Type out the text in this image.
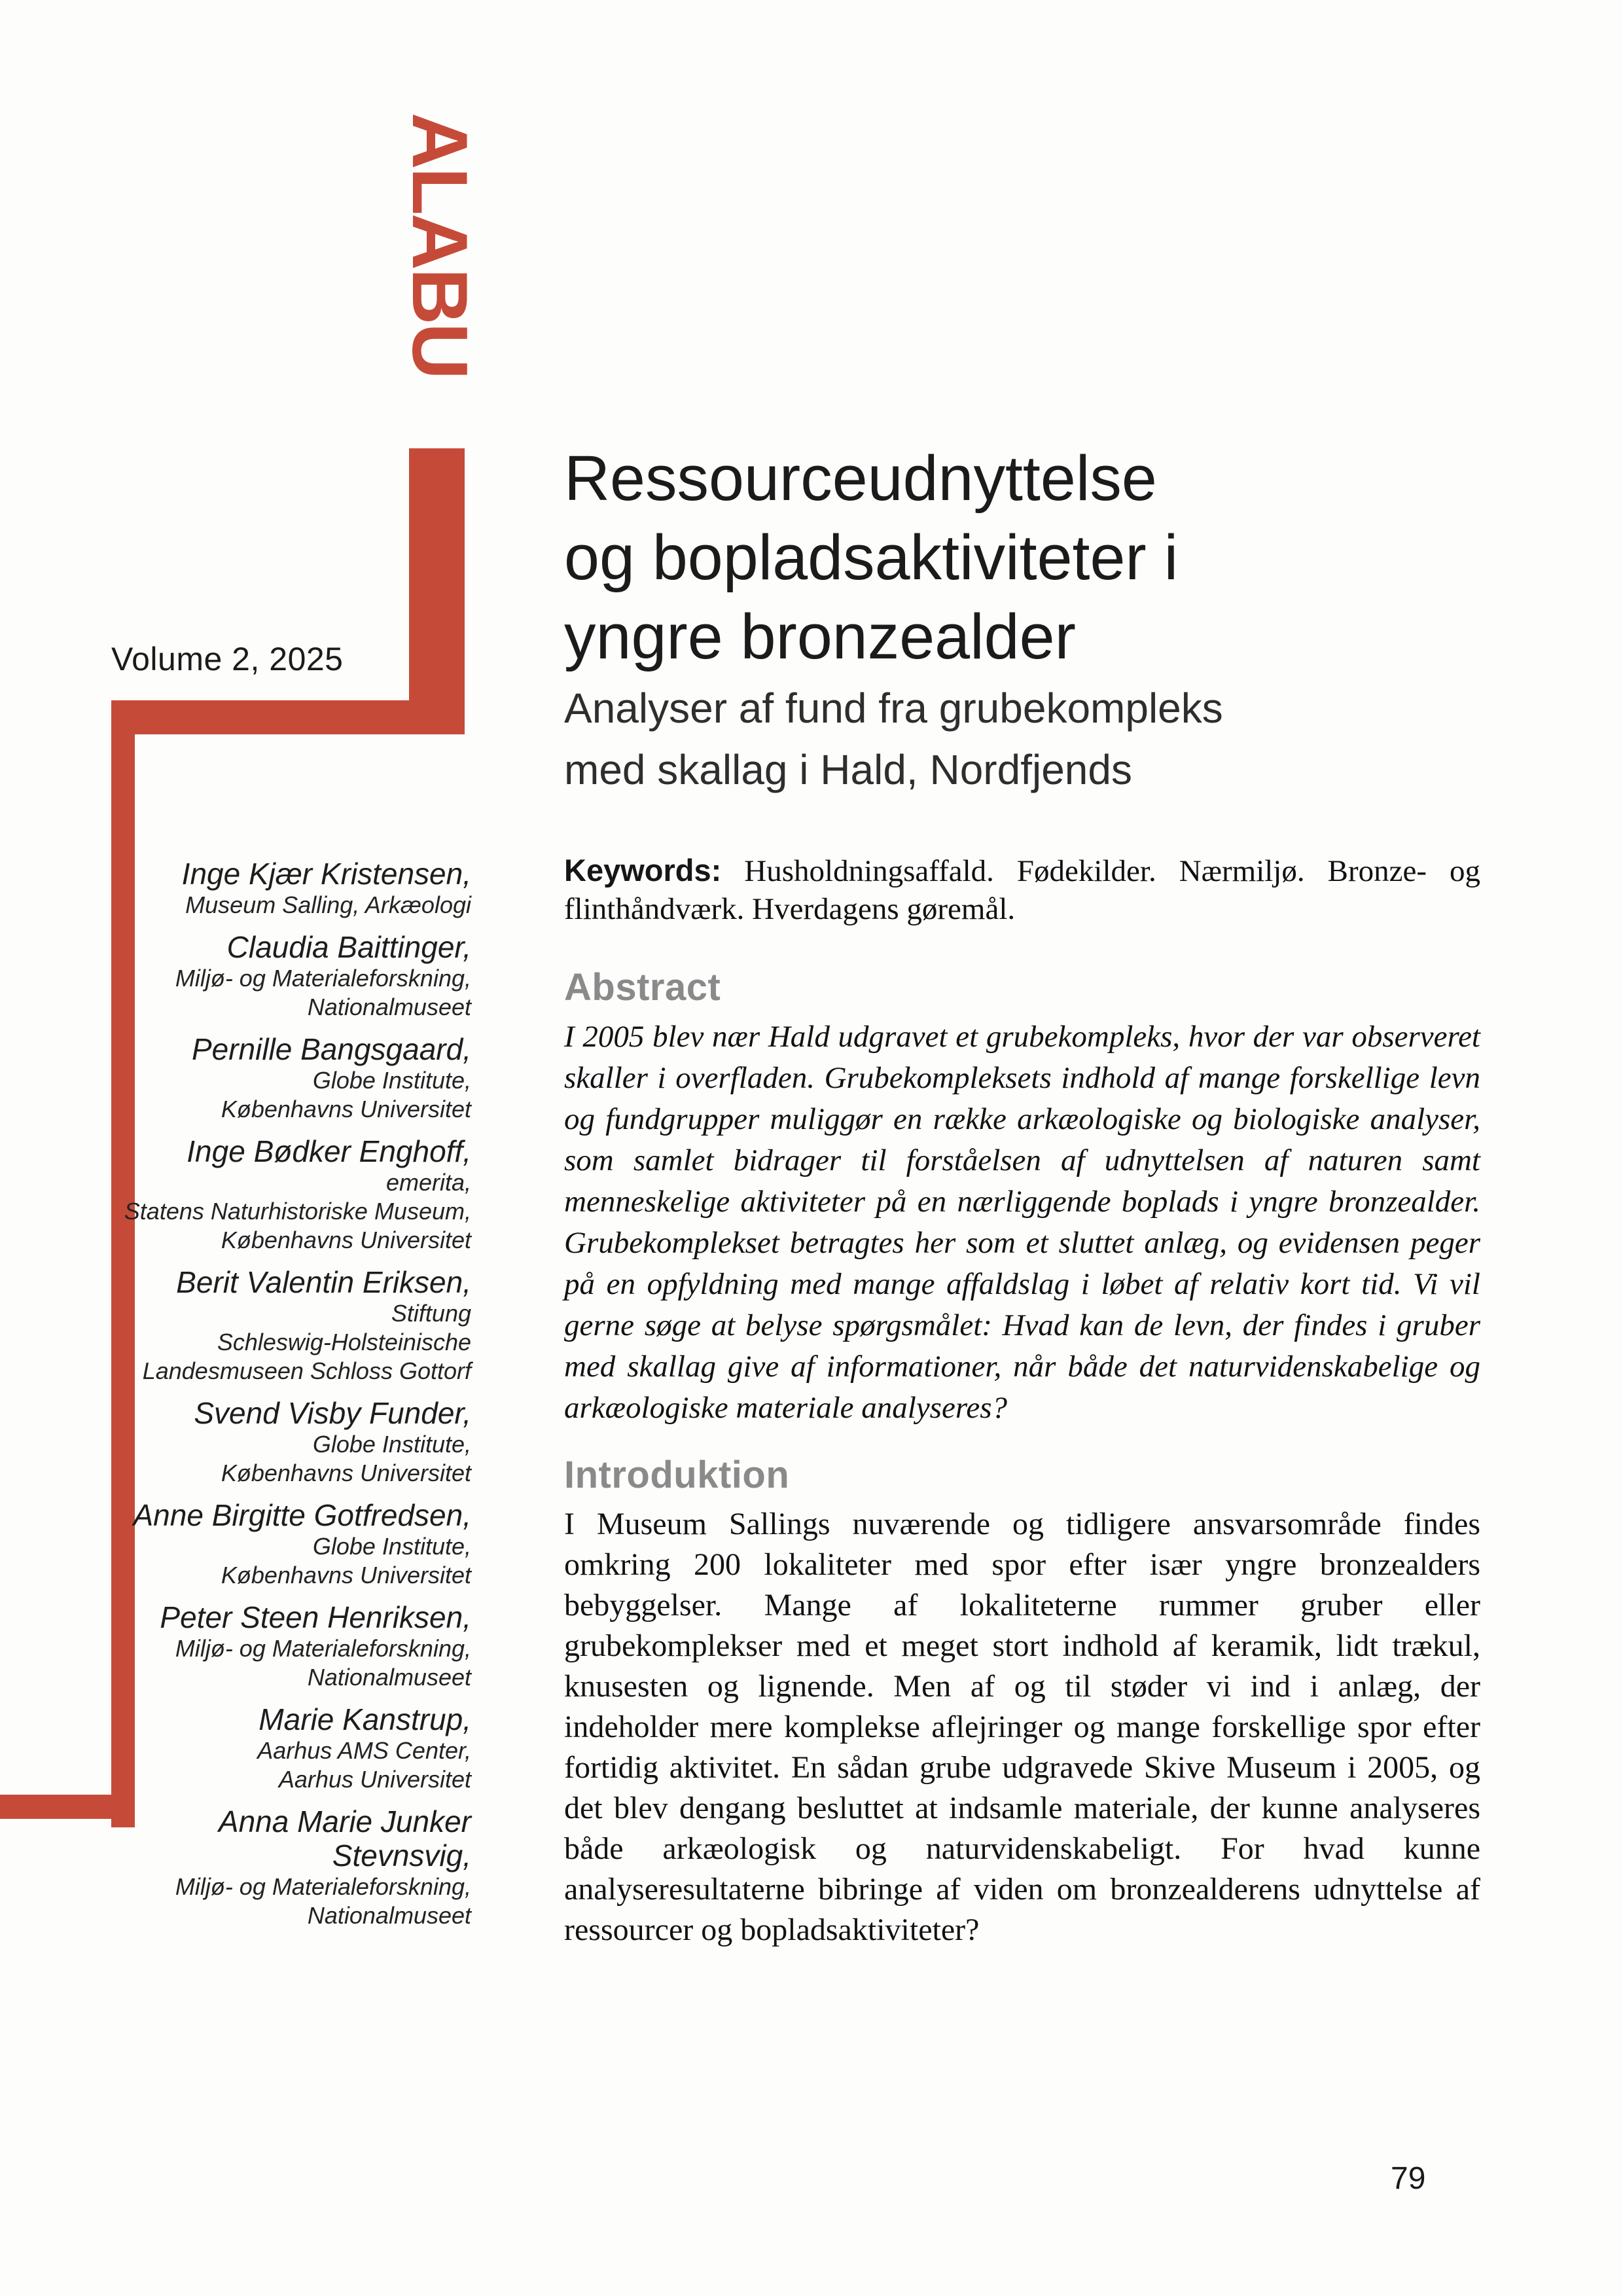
ALABU
Volume 2, 2025
Ressourceudnyttelse
og bopladsaktiviteter i
yngre bronzealder
Analyser af fund fra grubekompleks
med skallag i Hald, Nordfjends

Keywords: Husholdningsaffald. Fødekilder. Nærmiljø. Bronze- og flinthåndværk. Hverdagens gøremål.

Abstract

I 2005 blev nær Hald udgravet et grubekompleks, hvor der var observeret skaller i overfladen. Grubekompleksets indhold af mange forskellige levn og fundgrupper muliggør en række arkæologiske og biologiske analyser, som samlet bidrager til forståelsen af udnyttelsen af naturen samt menneskelige aktiviteter på en nærliggende boplads i yngre bronzealder. Grubekomplekset betragtes her som et sluttet anlæg, og evidensen peger på en opfyldning med mange affaldslag i løbet af relativ kort tid. Vi vil gerne søge at belyse spørgsmålet: Hvad kan de levn, der findes i gruber med skallag give af informationer, når både det naturvidenskabelige og arkæologiske materiale analyseres?

Introduktion

I Museum Sallings nuværende og tidligere ansvarsområde findes omkring 200 lokaliteter med spor efter især yngre bronzealders bebyggelser. Mange af lokaliteterne rummer gruber eller grubekomplekser med et meget stort indhold af keramik, lidt trækul, knusesten og lignende. Men af og til støder vi ind i anlæg, der indeholder mere komplekse aflejringer og mange forskellige spor efter fortidig aktivitet. En sådan grube udgravede Skive Museum i 2005, og det blev dengang besluttet at indsamle materiale, der kunne analyseres både arkæologisk og naturvidenskabeligt. For hvad kunne analyseresultaterne bibringe af viden om bronzealderens udnyttelse af ressourcer og bopladsaktiviteter?

Inge Kjær Kristensen,
Museum Salling, Arkæologi
Claudia Baittinger,
Miljø- og Materialeforskning,
Nationalmuseet
Pernille Bangsgaard,
Globe Institute,
Københavns Universitet
Inge Bødker Enghoff,
emerita,
Statens Naturhistoriske Museum,
Københavns Universitet
Berit Valentin Eriksen,
Stiftung
Schleswig-Holsteinische
Landesmuseen Schloss Gottorf
Svend Visby Funder,
Globe Institute,
Københavns Universitet
Anne Birgitte Gotfredsen,
Globe Institute,
Københavns Universitet
Peter Steen Henriksen,
Miljø- og Materialeforskning,
Nationalmuseet
Marie Kanstrup,
Aarhus AMS Center,
Aarhus Universitet
Anna Marie Junker Stevnsvig,
Miljø- og Materialeforskning,
Nationalmuseet
79
